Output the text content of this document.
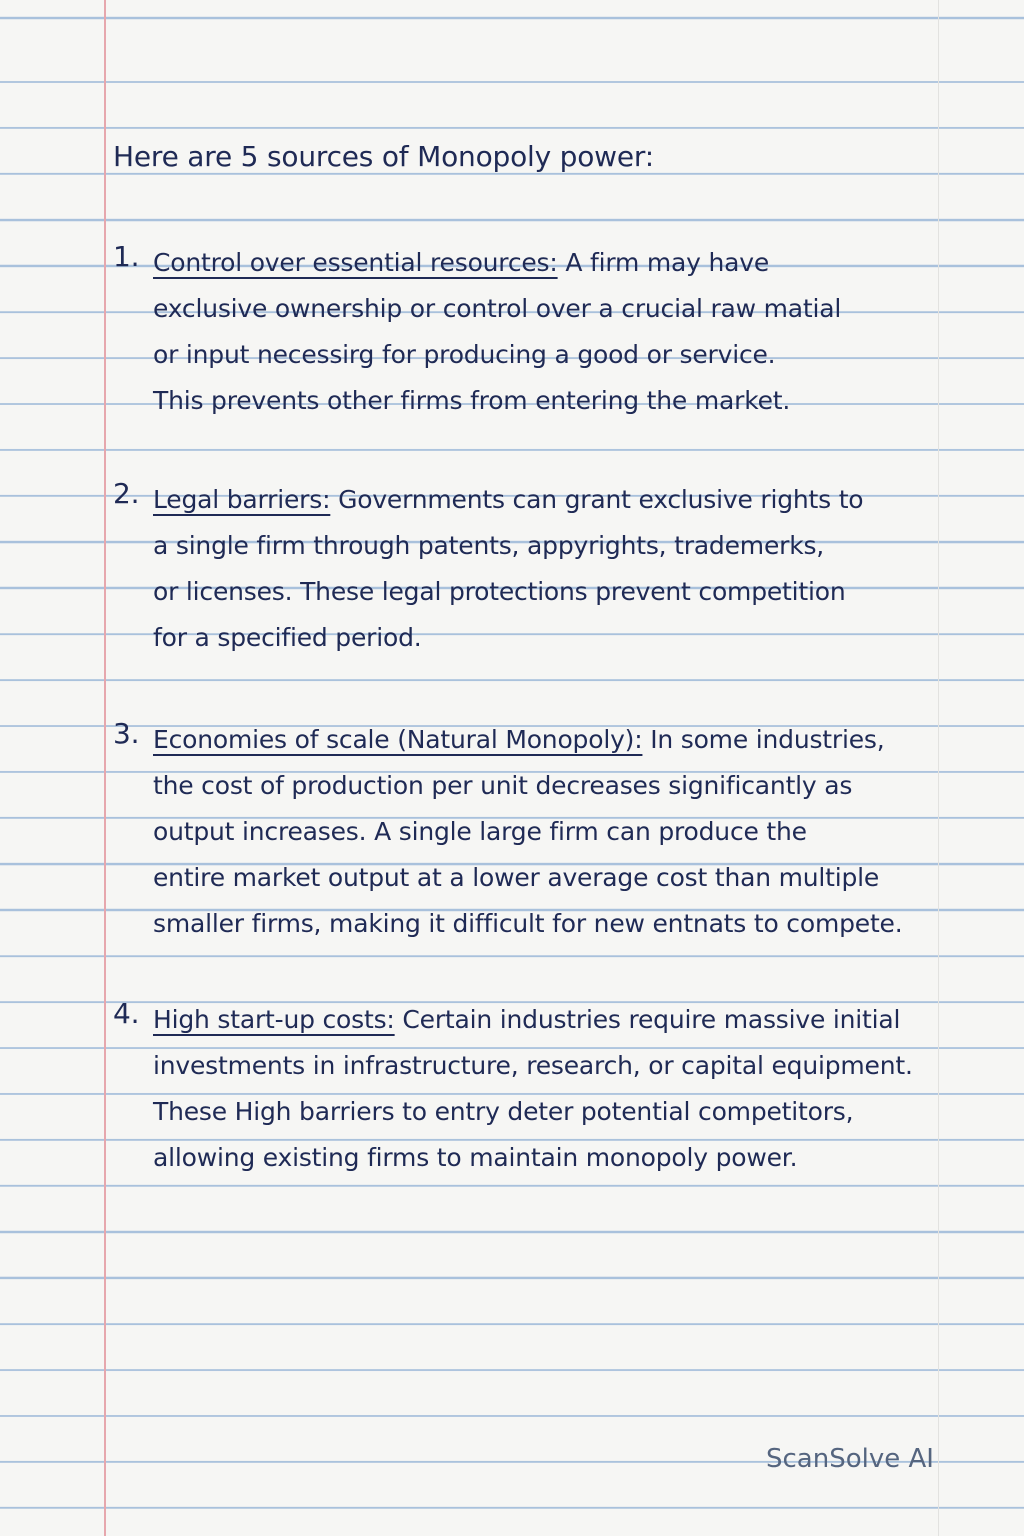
Here are 5 sources of Monopoly power:
1. Control over essential resources: A firm may have
exclusive ownership or control over a crucial raw matial
or input necessirg for producing a good or service.
This prevents other firms from entering the market.
2. Legal barriers: Governments can grant exclusive rights to
a single firm through patents, appyrights, trademerks,
or licenses. These legal protections prevent competition
for a specified period.
3. Economies of scale (Natural Monopoly): In some industries,
the cost of production per unit decreases significantly as
output increases. A single large firm can produce the
entire market output at a lower average cost than multiple
smaller firms, making it difficult for new entnats to compete.
4. High start-up costs: Certain industries require massive initial
investments in infrastructure, research, or capital equipment.
These High barriers to entry deter potential competitors,
allowing existing firms to maintain monopoly power.
ScanSolve AI
